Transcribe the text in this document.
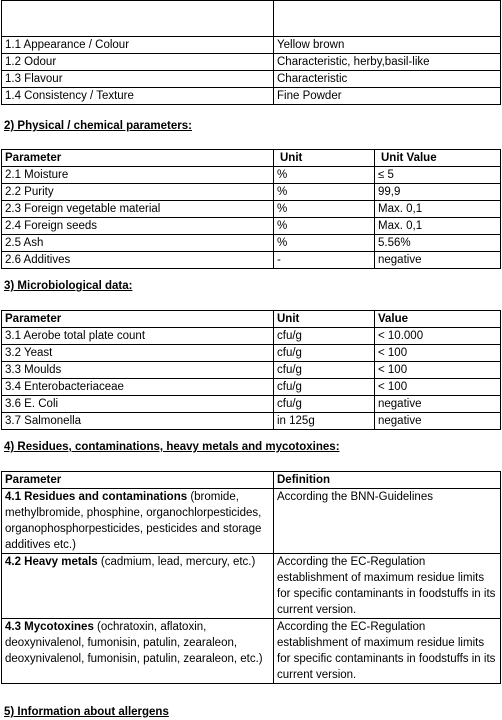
1.1 Appearance / Colour	Yellow brown
1.2 Odour	Characteristic, herby,basil-like
1.3 Flavour	Characteristic
1.4 Consistency / Texture	Fine Powder
2) Physical / chemical parameters:
Parameter	Unit	Unit Value
2.1 Moisture	%	≤ 5
2.2 Purity	%	99,9
2.3 Foreign vegetable material	%	Max. 0,1
2.4 Foreign seeds	%	Max. 0,1
2.5 Ash	%	5.56%
2.6 Additives	-	negative
3) Microbiological data:
Parameter	Unit	Value
3.1 Aerobe total plate count	cfu/g	< 10.000
3.2 Yeast	cfu/g	< 100
3.3 Moulds	cfu/g	< 100
3.4 Enterobacteriaceae	cfu/g	< 100
3.6 E. Coli	cfu/g	negative
3.7 Salmonella	in 125g	negative
4) Residues, contaminations, heavy metals and mycotoxines:
Parameter	Definition
4.1 Residues and contaminations (bromide, methylbromide, phosphine, organochlorpesticides, organophosphorpesticides, pesticides and storage additives etc.)	According the BNN-Guidelines
4.2 Heavy metals (cadmium, lead, mercury, etc.)	According the EC-Regulation establishment of maximum residue limits for specific contaminants in foodstuffs in its current version.
4.3 Mycotoxines (ochratoxin, aflatoxin, deoxynivalenol, fumonisin, patulin, zearaleon, deoxynivalenol, fumonisin, patulin, zearaleon, etc.)	According the EC-Regulation establishment of maximum residue limits for specific contaminants in foodstuffs in its current version.
5) Information about allergens
